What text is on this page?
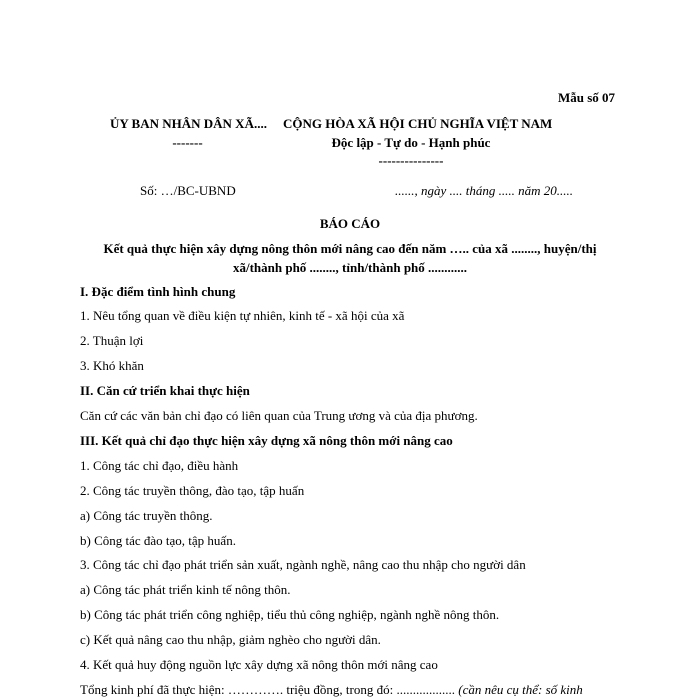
Mẫu số 07
ỦY BAN NHÂN DÂN XÃ....
-------
CỘNG HÒA XÃ HỘI CHỦ NGHĨA VIỆT NAM
Độc lập - Tự do - Hạnh phúc
---------------
Số: …/BC-UBND	......, ngày .... tháng ..... năm 20.....
BÁO CÁO
Kết quả thực hiện xây dựng nông thôn mới nâng cao đến năm ….. của xã ........, huyện/thị
xã/thành phố ........, tỉnh/thành phố ............
I. Đặc điểm tình hình chung
1. Nêu tổng quan về điều kiện tự nhiên, kinh tế - xã hội của xã
2. Thuận lợi
3. Khó khăn
II. Căn cứ triển khai thực hiện
Căn cứ các văn bản chỉ đạo có liên quan của Trung ương và của địa phương.
III. Kết quả chỉ đạo thực hiện xây dựng xã nông thôn mới nâng cao
1. Công tác chỉ đạo, điều hành
2. Công tác truyền thông, đào tạo, tập huấn
a) Công tác truyền thông.
b) Công tác đào tạo, tập huấn.
3. Công tác chỉ đạo phát triển sản xuất, ngành nghề, nâng cao thu nhập cho người dân
a) Công tác phát triển kinh tế nông thôn.
b) Công tác phát triển công nghiệp, tiểu thủ công nghiệp, ngành nghề nông thôn.
c) Kết quả nâng cao thu nhập, giảm nghèo cho người dân.
4. Kết quả huy động nguồn lực xây dựng xã nông thôn mới nâng cao
Tổng kinh phí đã thực hiện: …………. triệu đồng, trong đó: .................. (cần nêu cụ thể: số kinh
